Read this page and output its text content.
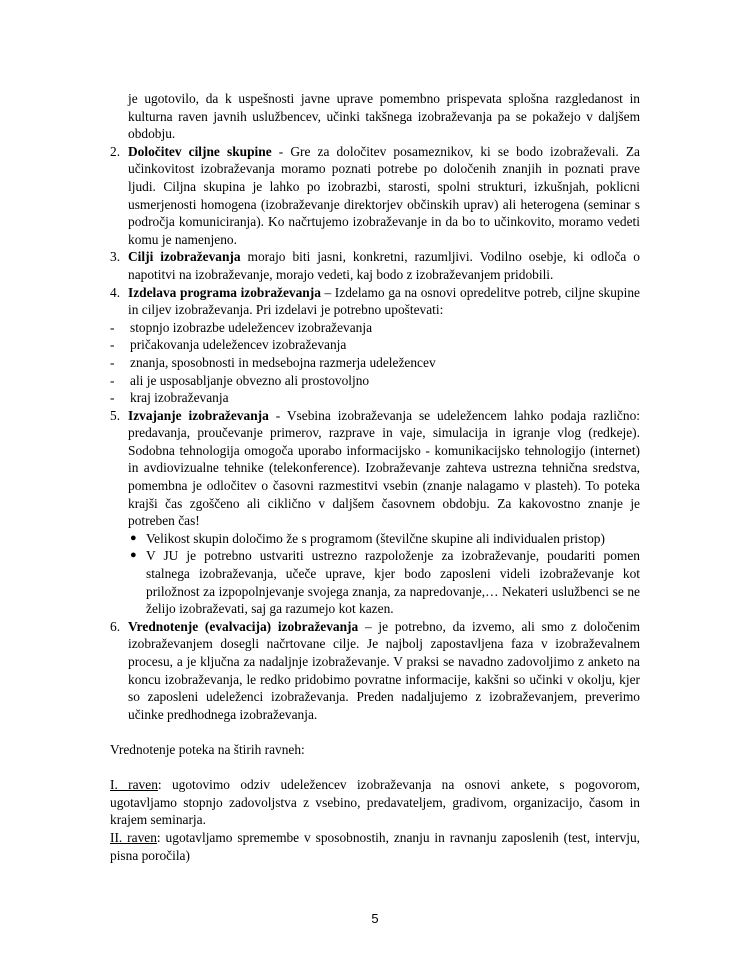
je ugotovilo, da k uspešnosti javne uprave pomembno prispevata splošna razgledanost in kulturna raven javnih uslužbencev, učinki takšnega izobraževanja pa se pokažejo v daljšem obdobju.

2. Določitev ciljne skupine - Gre za določitev posameznikov, ki se bodo izobraževali. Za učinkovitost izobraževanja moramo poznati potrebe po določenih znanjih in poznati prave ljudi. Ciljna skupina je lahko po izobrazbi, starosti, spolni strukturi, izkušnjah, poklicni usmerjenosti homogena (izobraževanje direktorjev občinskih uprav) ali heterogena (seminar s področja komuniciranja). Ko načrtujemo izobraževanje in da bo to učinkovito, moramo vedeti komu je namenjeno.
3. Cilji izobraževanja morajo biti jasni, konkretni, razumljivi. Vodilno osebje, ki odloča o napotitvi na izobraževanje, morajo vedeti, kaj bodo z izobraževanjem pridobili.
4. Izdelava programa izobraževanja – Izdelamo ga na osnovi opredelitve potreb, ciljne skupine in ciljev izobraževanja. Pri izdelavi je potrebno upoštevati:
- stopnjo izobrazbe udeležencev izobraževanja
- pričakovanja udeležencev izobraževanja
- znanja, sposobnosti in medsebojna razmerja udeležencev
- ali je usposabljanje obvezno ali prostovoljno
- kraj izobraževanja
5. Izvajanje izobraževanja - Vsebina izobraževanja se udeležencem lahko podaja različno: predavanja, proučevanje primerov, razprave in vaje, simulacija in igranje vlog (redkeje). Sodobna tehnologija omogoča uporabo informacijsko - komunikacijsko tehnologijo (internet) in avdiovizualne tehnike (telekonference). Izobraževanje zahteva ustrezna tehnična sredstva, pomembna je odločitev o časovni razmestitvi vsebin (znanje nalagamo v plasteh). To poteka krajši čas zgoščeno ali ciklično v daljšem časovnem obdobju. Za kakovostno znanje je potreben čas!
● Velikost skupin določimo že s programom (številčne skupine ali individualen pristop)
● V JU je potrebno ustvariti ustrezno razpoloženje za izobraževanje, poudariti pomen stalnega izobraževanja, učeče uprave, kjer bodo zaposleni videli izobraževanje kot priložnost za izpopolnjevanje svojega znanja, za napredovanje,… Nekateri uslužbenci se ne želijo izobraževati, saj ga razumejo kot kazen.
6. Vrednotenje (evalvacija) izobraževanja – je potrebno, da izvemo, ali smo z določenim izobraževanjem dosegli načrtovane cilje. Je najbolj zapostavljena faza v izobraževalnem procesu, a je ključna za nadaljnje izobraževanje. V praksi se navadno zadovoljimo z anketo na koncu izobraževanja, le redko pridobimo povratne informacije, kakšni so učinki v okolju, kjer so zaposleni udeleženci izobraževanja. Preden nadaljujemo z izobraževanjem, preverimo učinke predhodnega izobraževanja.

Vrednotenje poteka na štirih ravneh:

I. raven: ugotovimo odziv udeležencev izobraževanja na osnovi ankete, s pogovorom, ugotavljamo stopnjo zadovoljstva z vsebino, predavateljem, gradivom, organizacijo, časom in krajem seminarja.

II. raven: ugotavljamo spremembe v sposobnostih, znanju in ravnanju zaposlenih (test, intervju, pisna poročila)

5
